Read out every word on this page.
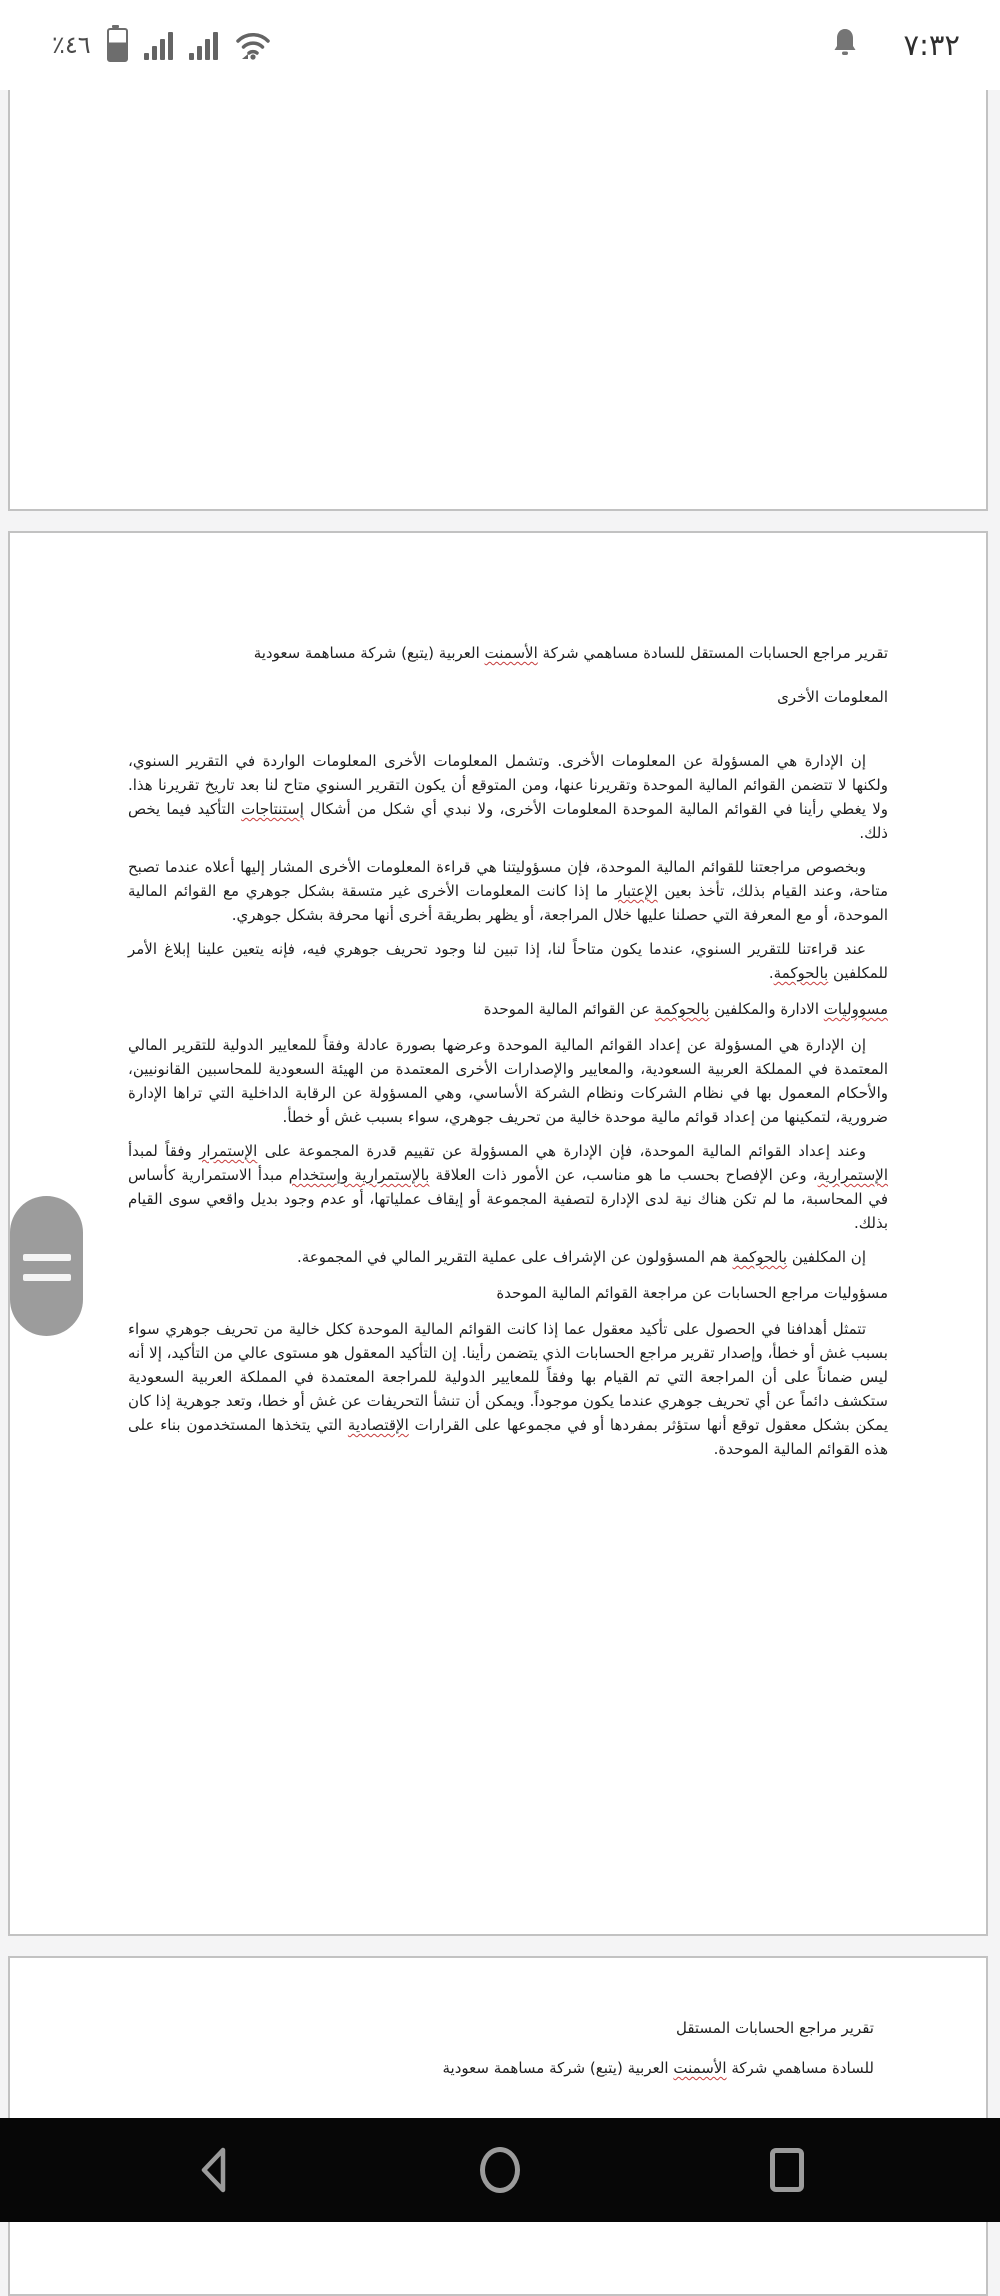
٪٤٦	٧:٣٢

تقرير مراجع الحسابات المستقل للسادة مساهمي شركة الأسمنت العربية (يتبع) شركة مساهمة سعودية

المعلومات الأخرى

إن الإدارة هي المسؤولة عن المعلومات الأخرى. وتشمل المعلومات الأخرى المعلومات الواردة في التقرير السنوي، ولكنها لا تتضمن القوائم المالية الموحدة وتقريرنا عنها، ومن المتوقع أن يكون التقرير السنوي متاح لنا بعد تاريخ تقريرنا هذا. ولا يغطي رأينا في القوائم المالية الموحدة المعلومات الأخرى، ولا نبدي أي شكل من أشكال إستنتاجات التأكيد فيما يخص ذلك.

وبخصوص مراجعتنا للقوائم المالية الموحدة، فإن مسؤوليتنا هي قراءة المعلومات الأخرى المشار إليها أعلاه عندما تصبح متاحة، وعند القيام بذلك، تأخذ بعين الإعتبار ما إذا كانت المعلومات الأخرى غير متسقة بشكل جوهري مع القوائم المالية الموحدة، أو مع المعرفة التي حصلنا عليها خلال المراجعة، أو يظهر بطريقة أخرى أنها محرفة بشكل جوهري.

عند قراءتنا للتقرير السنوي، عندما يكون متاحاً لنا، إذا تبين لنا وجود تحريف جوهري فيه، فإنه يتعين علينا إبلاغ الأمر للمكلفين بالحوكمة.

مسووليات الادارة والمكلفين بالحوكمة عن القوائم المالية الموحدة

إن الإدارة هي المسؤولة عن إعداد القوائم المالية الموحدة وعرضها بصورة عادلة وفقاً للمعايير الدولية للتقرير المالي المعتمدة في المملكة العربية السعودية، والمعايير والإصدارات الأخرى المعتمدة من الهيئة السعودية للمحاسبين القانونيين، والأحكام المعمول بها في نظام الشركات ونظام الشركة الأساسي، وهي المسؤولة عن الرقابة الداخلية التي تراها الإدارة ضرورية، لتمكينها من إعداد قوائم مالية موحدة خالية من تحريف جوهري، سواء بسبب غش أو خطأ.

وعند إعداد القوائم المالية الموحدة، فإن الإدارة هي المسؤولة عن تقييم قدرة المجموعة على الإستمرار وفقاً لمبدأ الإستمرارية، وعن الإفصاح بحسب ما هو مناسب، عن الأمور ذات العلاقة بالإستمرارية وإستخدام مبدأ الاستمرارية كأساس في المحاسبة، ما لم تكن هناك نية لدى الإدارة لتصفية المجموعة أو إيقاف عملياتها، أو عدم وجود بديل واقعي سوى القيام بذلك.

إن المكلفين بالحوكمة هم المسؤولون عن الإشراف على عملية التقرير المالي في المجموعة.

مسؤوليات مراجع الحسابات عن مراجعة القوائم المالية الموحدة

تتمثل أهدافنا في الحصول على تأكيد معقول عما إذا كانت القوائم المالية الموحدة ككل خالية من تحريف جوهري سواء بسبب غش أو خطأ، وإصدار تقرير مراجع الحسابات الذي يتضمن رأينا. إن التأكيد المعقول هو مستوى عالي من التأكيد، إلا أنه ليس ضماناً على أن المراجعة التي تم القيام بها وفقاً للمعايير الدولية للمراجعة المعتمدة في المملكة العربية السعودية ستكشف دائماً عن أي تحريف جوهري عندما يكون موجوداً. ويمكن أن تنشأ التحريفات عن غش أو خطا، وتعد جوهرية إذا كان يمكن بشكل معقول توقع أنها ستؤثر بمفردها أو في مجموعها على القرارات الإقتصادية التي يتخذها المستخدمون بناء على هذه القوائم المالية الموحدة.

تقرير مراجع الحسابات المستقل

للسادة مساهمي شركة الأسمنت العربية (يتبع) شركة مساهمة سعودية
